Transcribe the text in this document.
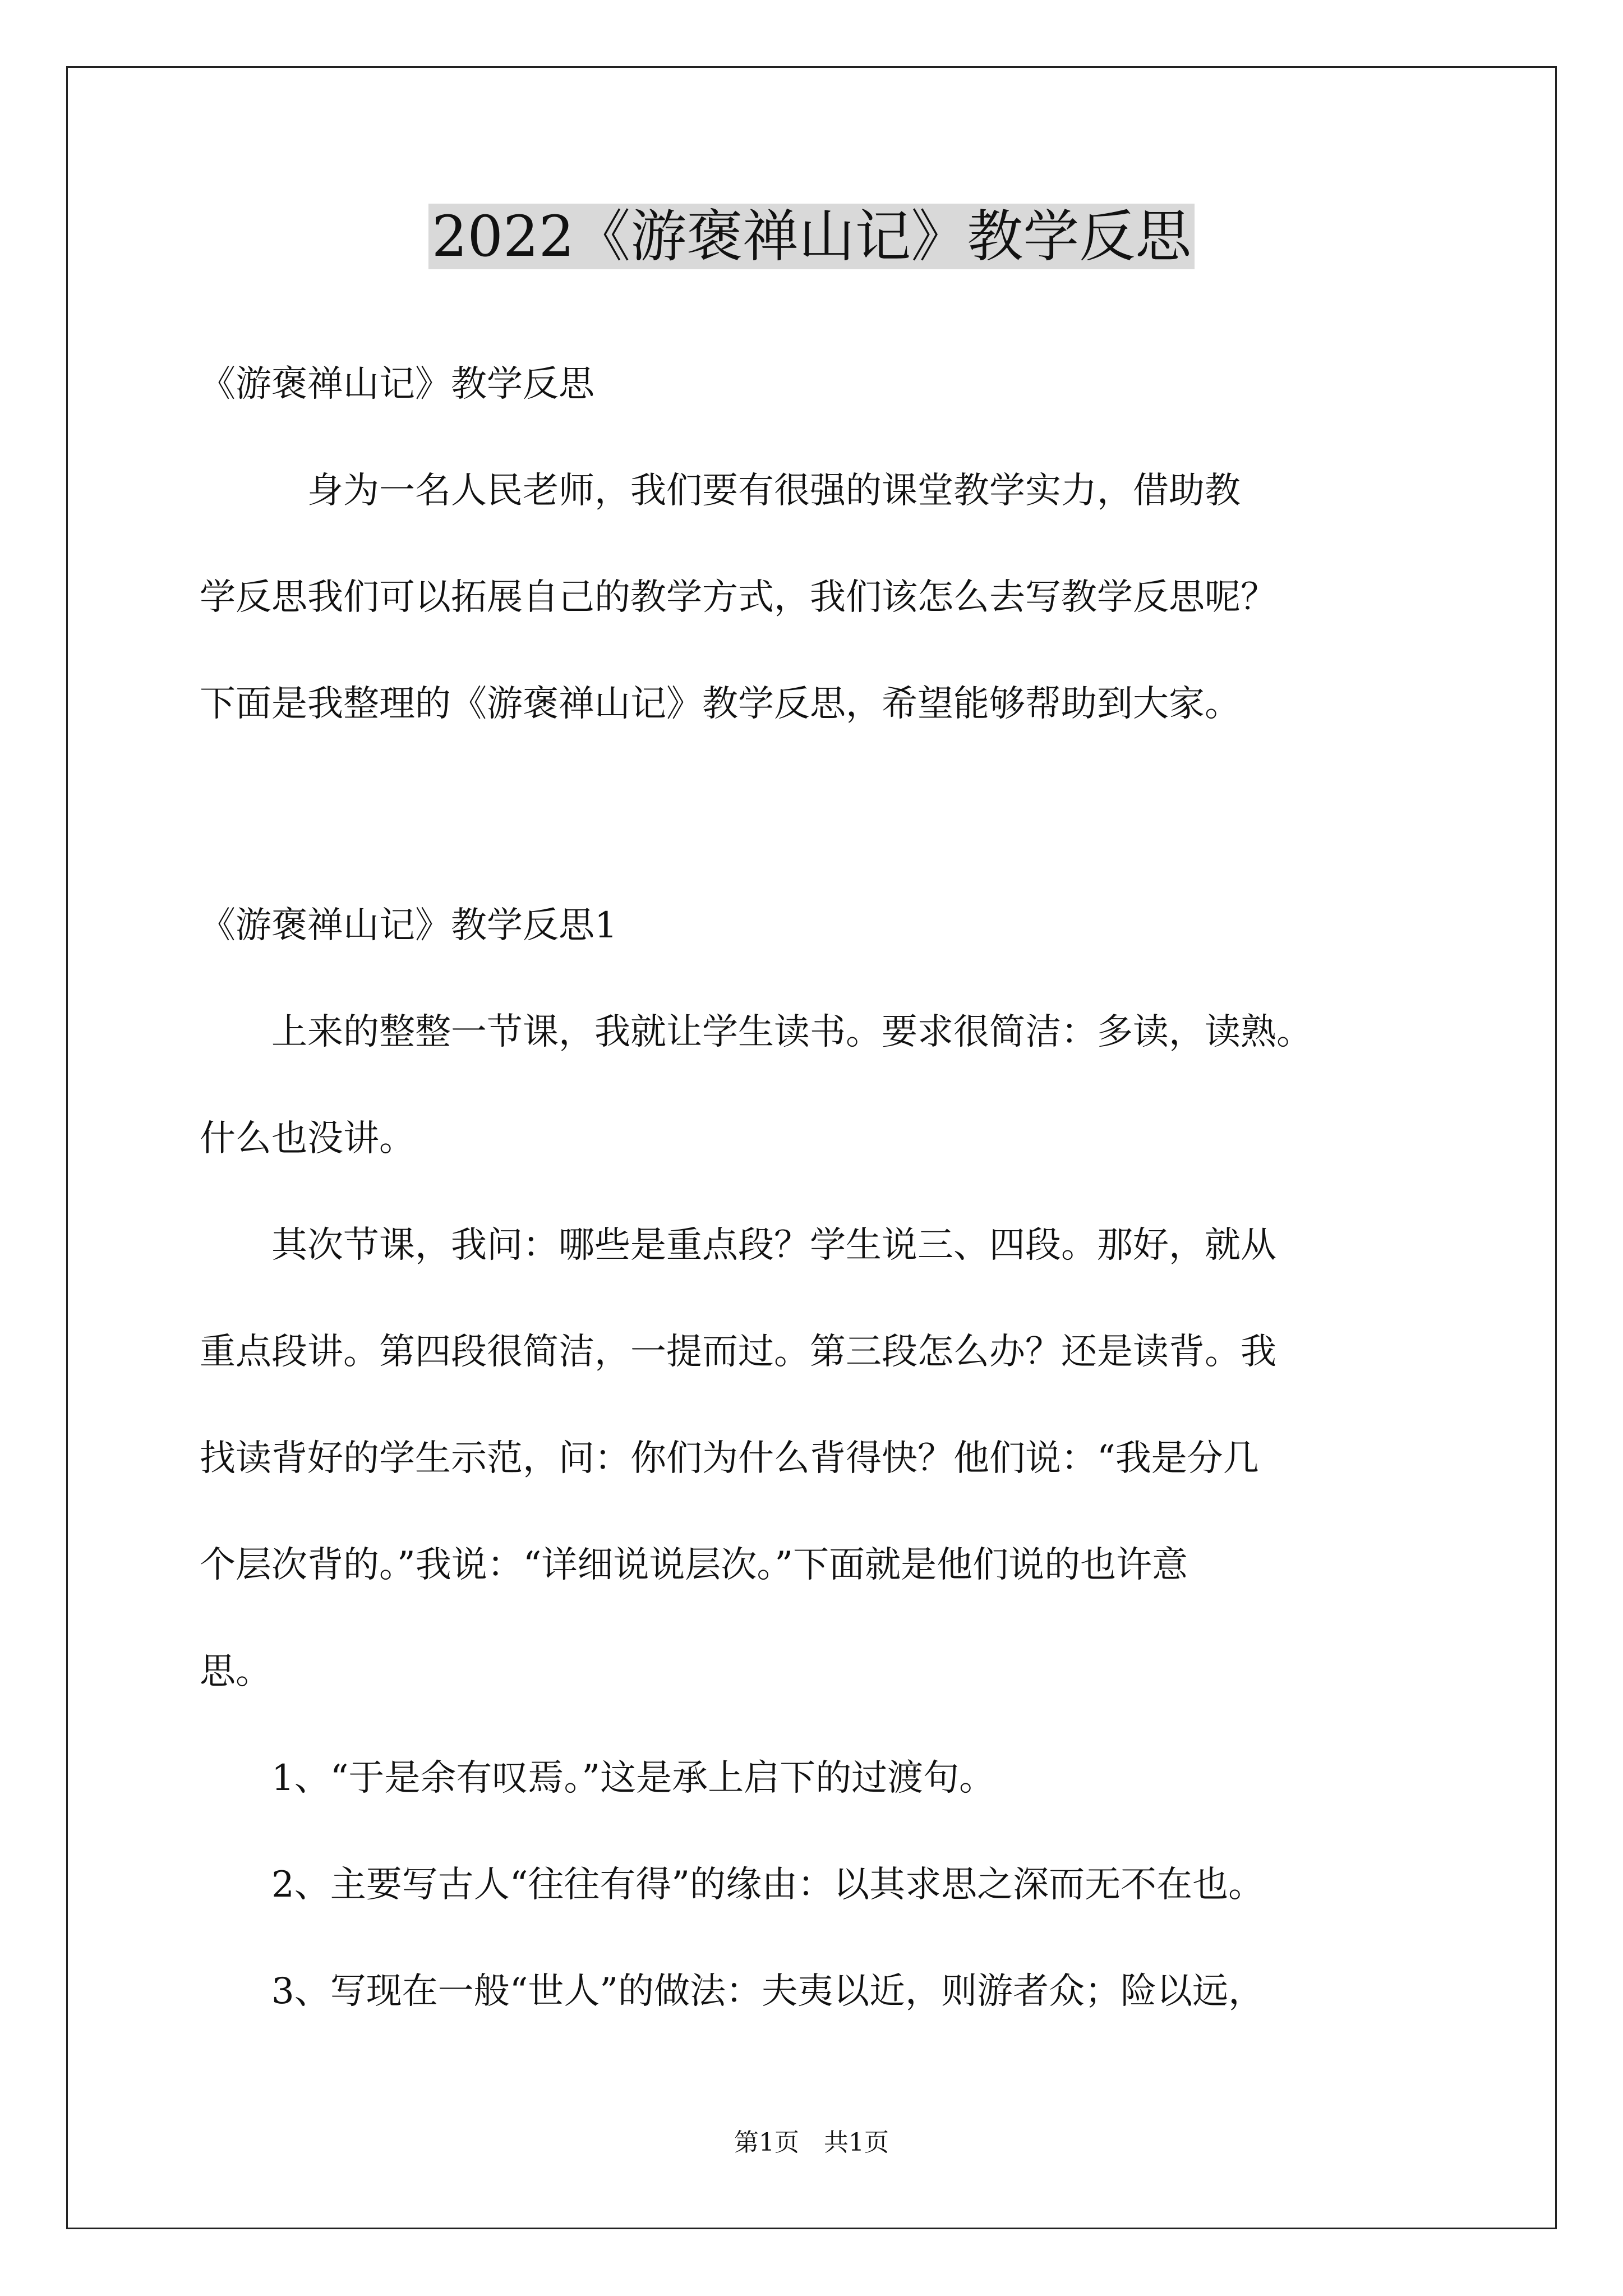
2022《游褒禅山记》教学反思
《游褒禅山记》教学反思
　　　身为一名人民老师，我们要有很强的课堂教学实力，借助教
学反思我们可以拓展自己的教学方式，我们该怎么去写教学反思呢？
下面是我整理的《游褒禅山记》教学反思，希望能够帮助到大家。
《游褒禅山记》教学反思1
　　上来的整整一节课，我就让学生读书。要求很简洁：多读，读熟。
什么也没讲。
　　其次节课，我问：哪些是重点段？学生说三、四段。那好，就从
重点段讲。第四段很简洁，一提而过。第三段怎么办？还是读背。我
找读背好的学生示范，问：你们为什么背得快？他们说：“我是分几
个层次背的。”我说：“详细说说层次。”下面就是他们说的也许意
思。
　　1、“于是余有叹焉。”这是承上启下的过渡句。
　　2、主要写古人“往往有得”的缘由：以其求思之深而无不在也。
　　3、写现在一般“世人”的做法：夫夷以近，则游者众；险以远，
第1页　共1页
